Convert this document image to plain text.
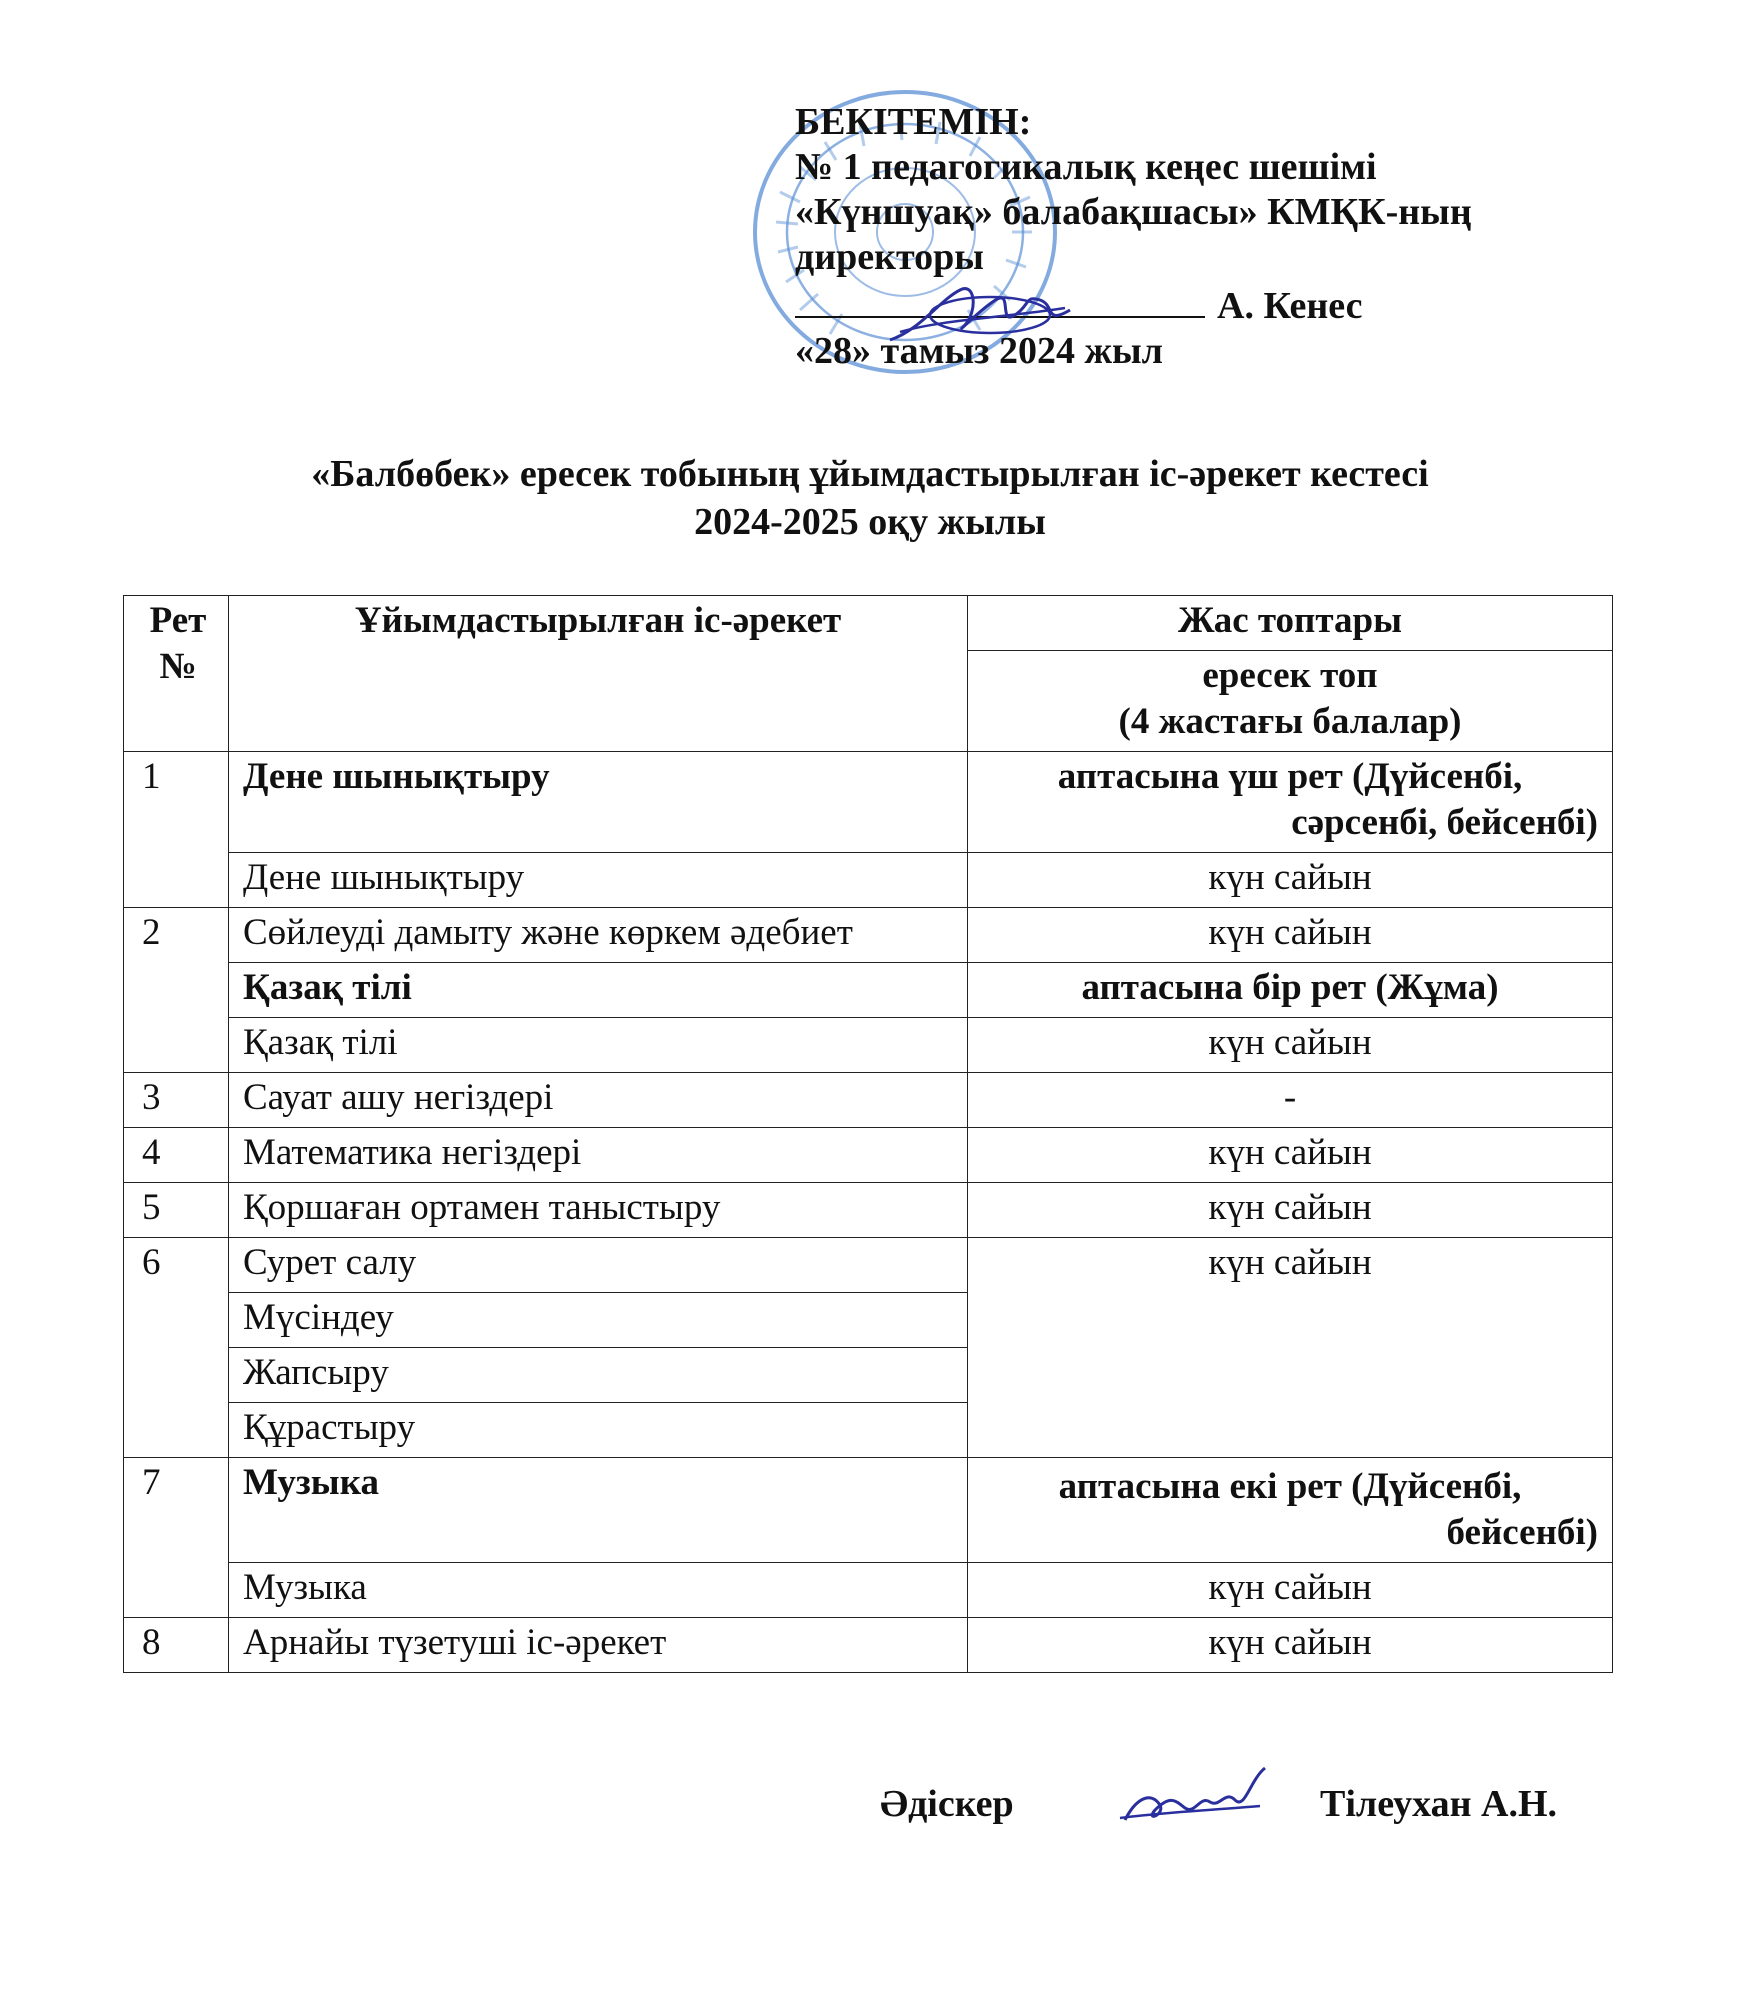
БЕКІТЕМІН:
№ 1 педагогикалық кеңес шешімі
«Күншуақ» балабақшасы» КМҚК-ның
директоры
А. Кенес
«28» тамыз 2024 жыл
«Балбөбек» ересек тобының ұйымдастырылған іс-әрекет кестесі
2024-2025 оқу жылы
Рет №	Ұйымдастырылған іс-әрекет	Жас топтары

		ересек топ
(4 жастағы балалар)

1	Дене шынықтыру	аптасына үш рет (Дүйсенбі,
сәрсенбі, бейсенбі)

	Дене шынықтыру	күн сайын
2	Сөйлеуді дамыту және көркем әдебиет	күн сайын
	Қазақ тілі	аптасына бір рет (Жұма)
	Қазақ тілі	күн сайын
3	Сауат ашу негіздері	-
4	Математика негіздері	күн сайын
5	Қоршаған ортамен таныстыру	күн сайын
6	Сурет салу	күн сайын
	Мүсіндеу	
	Жапсыру	
	Құрастыру	
7	Музыка	аптасына екі рет (Дүйсенбі,
бейсенбі)

	Музыка	күн сайын
8	Арнайы түзетуші іс-әрекет	күн сайын
Әдіскер	Тілеухан А.Н.
